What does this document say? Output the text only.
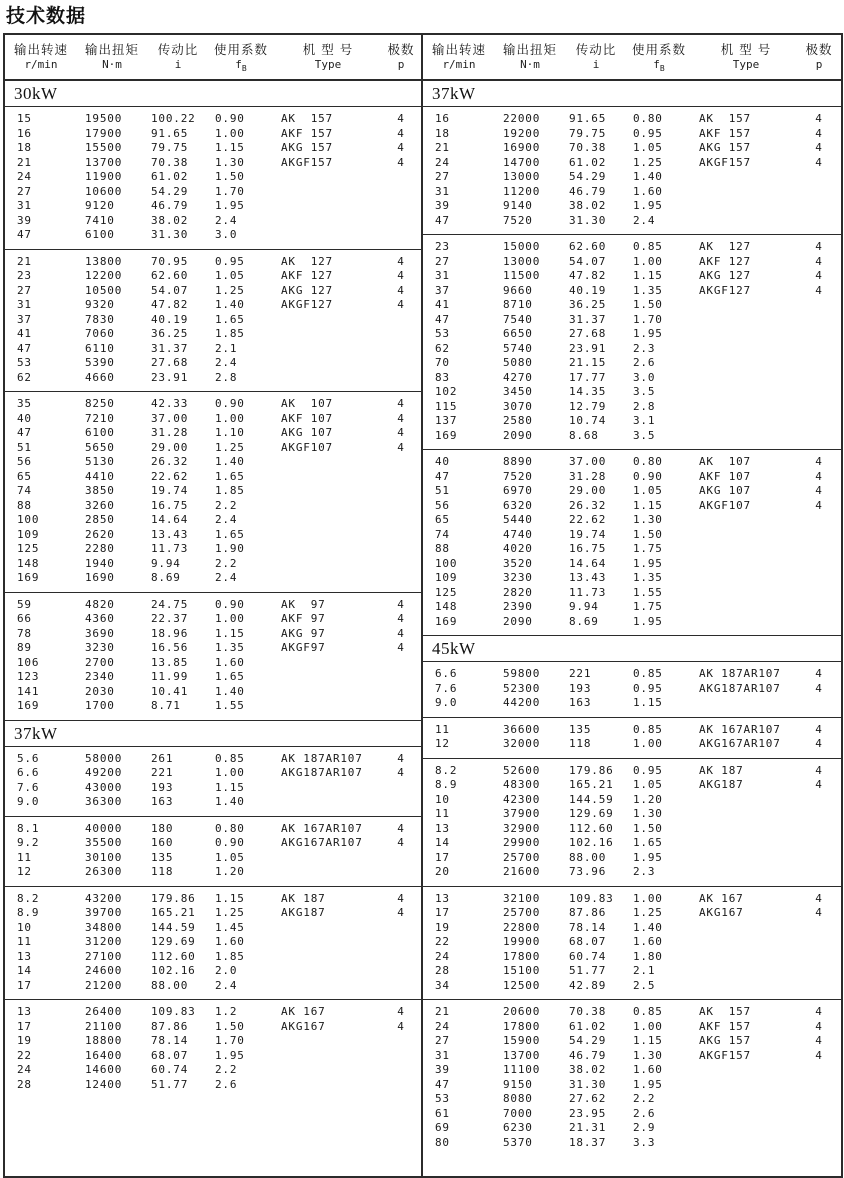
技术数据
输出转速	输出扭矩	传动比	使用系数	机 型 号	极数
r/min	N·m	i	$f_B$	Type	p
30kW
15	19500	100.22	0.90	AK  157	4
16	17900	91.65	1.00	AKF 157	4
18	15500	79.75	1.15	AKG 157	4
21	13700	70.38	1.30	AKGF157	4
24	11900	61.02	1.50
27	10600	54.29	1.70
31	9120	46.79	1.95
39	7410	38.02	2.4
47	6100	31.30	3.0
21	13800	70.95	0.95	AK  127	4
23	12200	62.60	1.05	AKF 127	4
27	10500	54.07	1.25	AKG 127	4
31	9320	47.82	1.40	AKGF127	4
37	7830	40.19	1.65
41	7060	36.25	1.85
47	6110	31.37	2.1
53	5390	27.68	2.4
62	4660	23.91	2.8
35	8250	42.33	0.90	AK  107	4
40	7210	37.00	1.00	AKF 107	4
47	6100	31.28	1.10	AKG 107	4
51	5650	29.00	1.25	AKGF107	4
56	5130	26.32	1.40
65	4410	22.62	1.65
74	3850	19.74	1.85
88	3260	16.75	2.2
100	2850	14.64	2.4
109	2620	13.43	1.65
125	2280	11.73	1.90
148	1940	9.94	2.2
169	1690	8.69	2.4
59	4820	24.75	0.90	AK  97	4
66	4360	22.37	1.00	AKF 97	4
78	3690	18.96	1.15	AKG 97	4
89	3230	16.56	1.35	AKGF97	4
106	2700	13.85	1.60
123	2340	11.99	1.65
141	2030	10.41	1.40
169	1700	8.71	1.55
37kW
5.6	58000	261	0.85	AK 187AR107	4
6.6	49200	221	1.00	AKG187AR107	4
7.6	43000	193	1.15
9.0	36300	163	1.40
8.1	40000	180	0.80	AK 167AR107	4
9.2	35500	160	0.90	AKG167AR107	4
11	30100	135	1.05
12	26300	118	1.20
8.2	43200	179.86	1.15	AK 187	4
8.9	39700	165.21	1.25	AKG187	4
10	34800	144.59	1.45
11	31200	129.69	1.60
13	27100	112.60	1.85
14	24600	102.16	2.0
17	21200	88.00	2.4
13	26400	109.83	1.2	AK 167	4
17	21100	87.86	1.50	AKG167	4
19	18800	78.14	1.70
22	16400	68.07	1.95
24	14600	60.74	2.2
28	12400	51.77	2.6
输出转速	输出扭矩	传动比	使用系数	机 型 号	极数
r/min	N·m	i	$f_B$	Type	p
37kW
16	22000	91.65	0.80	AK  157	4
18	19200	79.75	0.95	AKF 157	4
21	16900	70.38	1.05	AKG 157	4
24	14700	61.02	1.25	AKGF157	4
27	13000	54.29	1.40
31	11200	46.79	1.60
39	9140	38.02	1.95
47	7520	31.30	2.4
23	15000	62.60	0.85	AK  127	4
27	13000	54.07	1.00	AKF 127	4
31	11500	47.82	1.15	AKG 127	4
37	9660	40.19	1.35	AKGF127	4
41	8710	36.25	1.50
47	7540	31.37	1.70
53	6650	27.68	1.95
62	5740	23.91	2.3
70	5080	21.15	2.6
83	4270	17.77	3.0
102	3450	14.35	3.5
115	3070	12.79	2.8
137	2580	10.74	3.1
169	2090	8.68	3.5
40	8890	37.00	0.80	AK  107	4
47	7520	31.28	0.90	AKF 107	4
51	6970	29.00	1.05	AKG 107	4
56	6320	26.32	1.15	AKGF107	4
65	5440	22.62	1.30
74	4740	19.74	1.50
88	4020	16.75	1.75
100	3520	14.64	1.95
109	3230	13.43	1.35
125	2820	11.73	1.55
148	2390	9.94	1.75
169	2090	8.69	1.95
45kW
6.6	59800	221	0.85	AK 187AR107	4
7.6	52300	193	0.95	AKG187AR107	4
9.0	44200	163	1.15
11	36600	135	0.85	AK 167AR107	4
12	32000	118	1.00	AKG167AR107	4
8.2	52600	179.86	0.95	AK 187	4
8.9	48300	165.21	1.05	AKG187	4
10	42300	144.59	1.20
11	37900	129.69	1.30
13	32900	112.60	1.50
14	29900	102.16	1.65
17	25700	88.00	1.95
20	21600	73.96	2.3
13	32100	109.83	1.00	AK 167	4
17	25700	87.86	1.25	AKG167	4
19	22800	78.14	1.40
22	19900	68.07	1.60
24	17800	60.74	1.80
28	15100	51.77	2.1
34	12500	42.89	2.5
21	20600	70.38	0.85	AK  157	4
24	17800	61.02	1.00	AKF 157	4
27	15900	54.29	1.15	AKG 157	4
31	13700	46.79	1.30	AKGF157	4
39	11100	38.02	1.60
47	9150	31.30	1.95
53	8080	27.62	2.2
61	7000	23.95	2.6
69	6230	21.31	2.9
80	5370	18.37	3.3
